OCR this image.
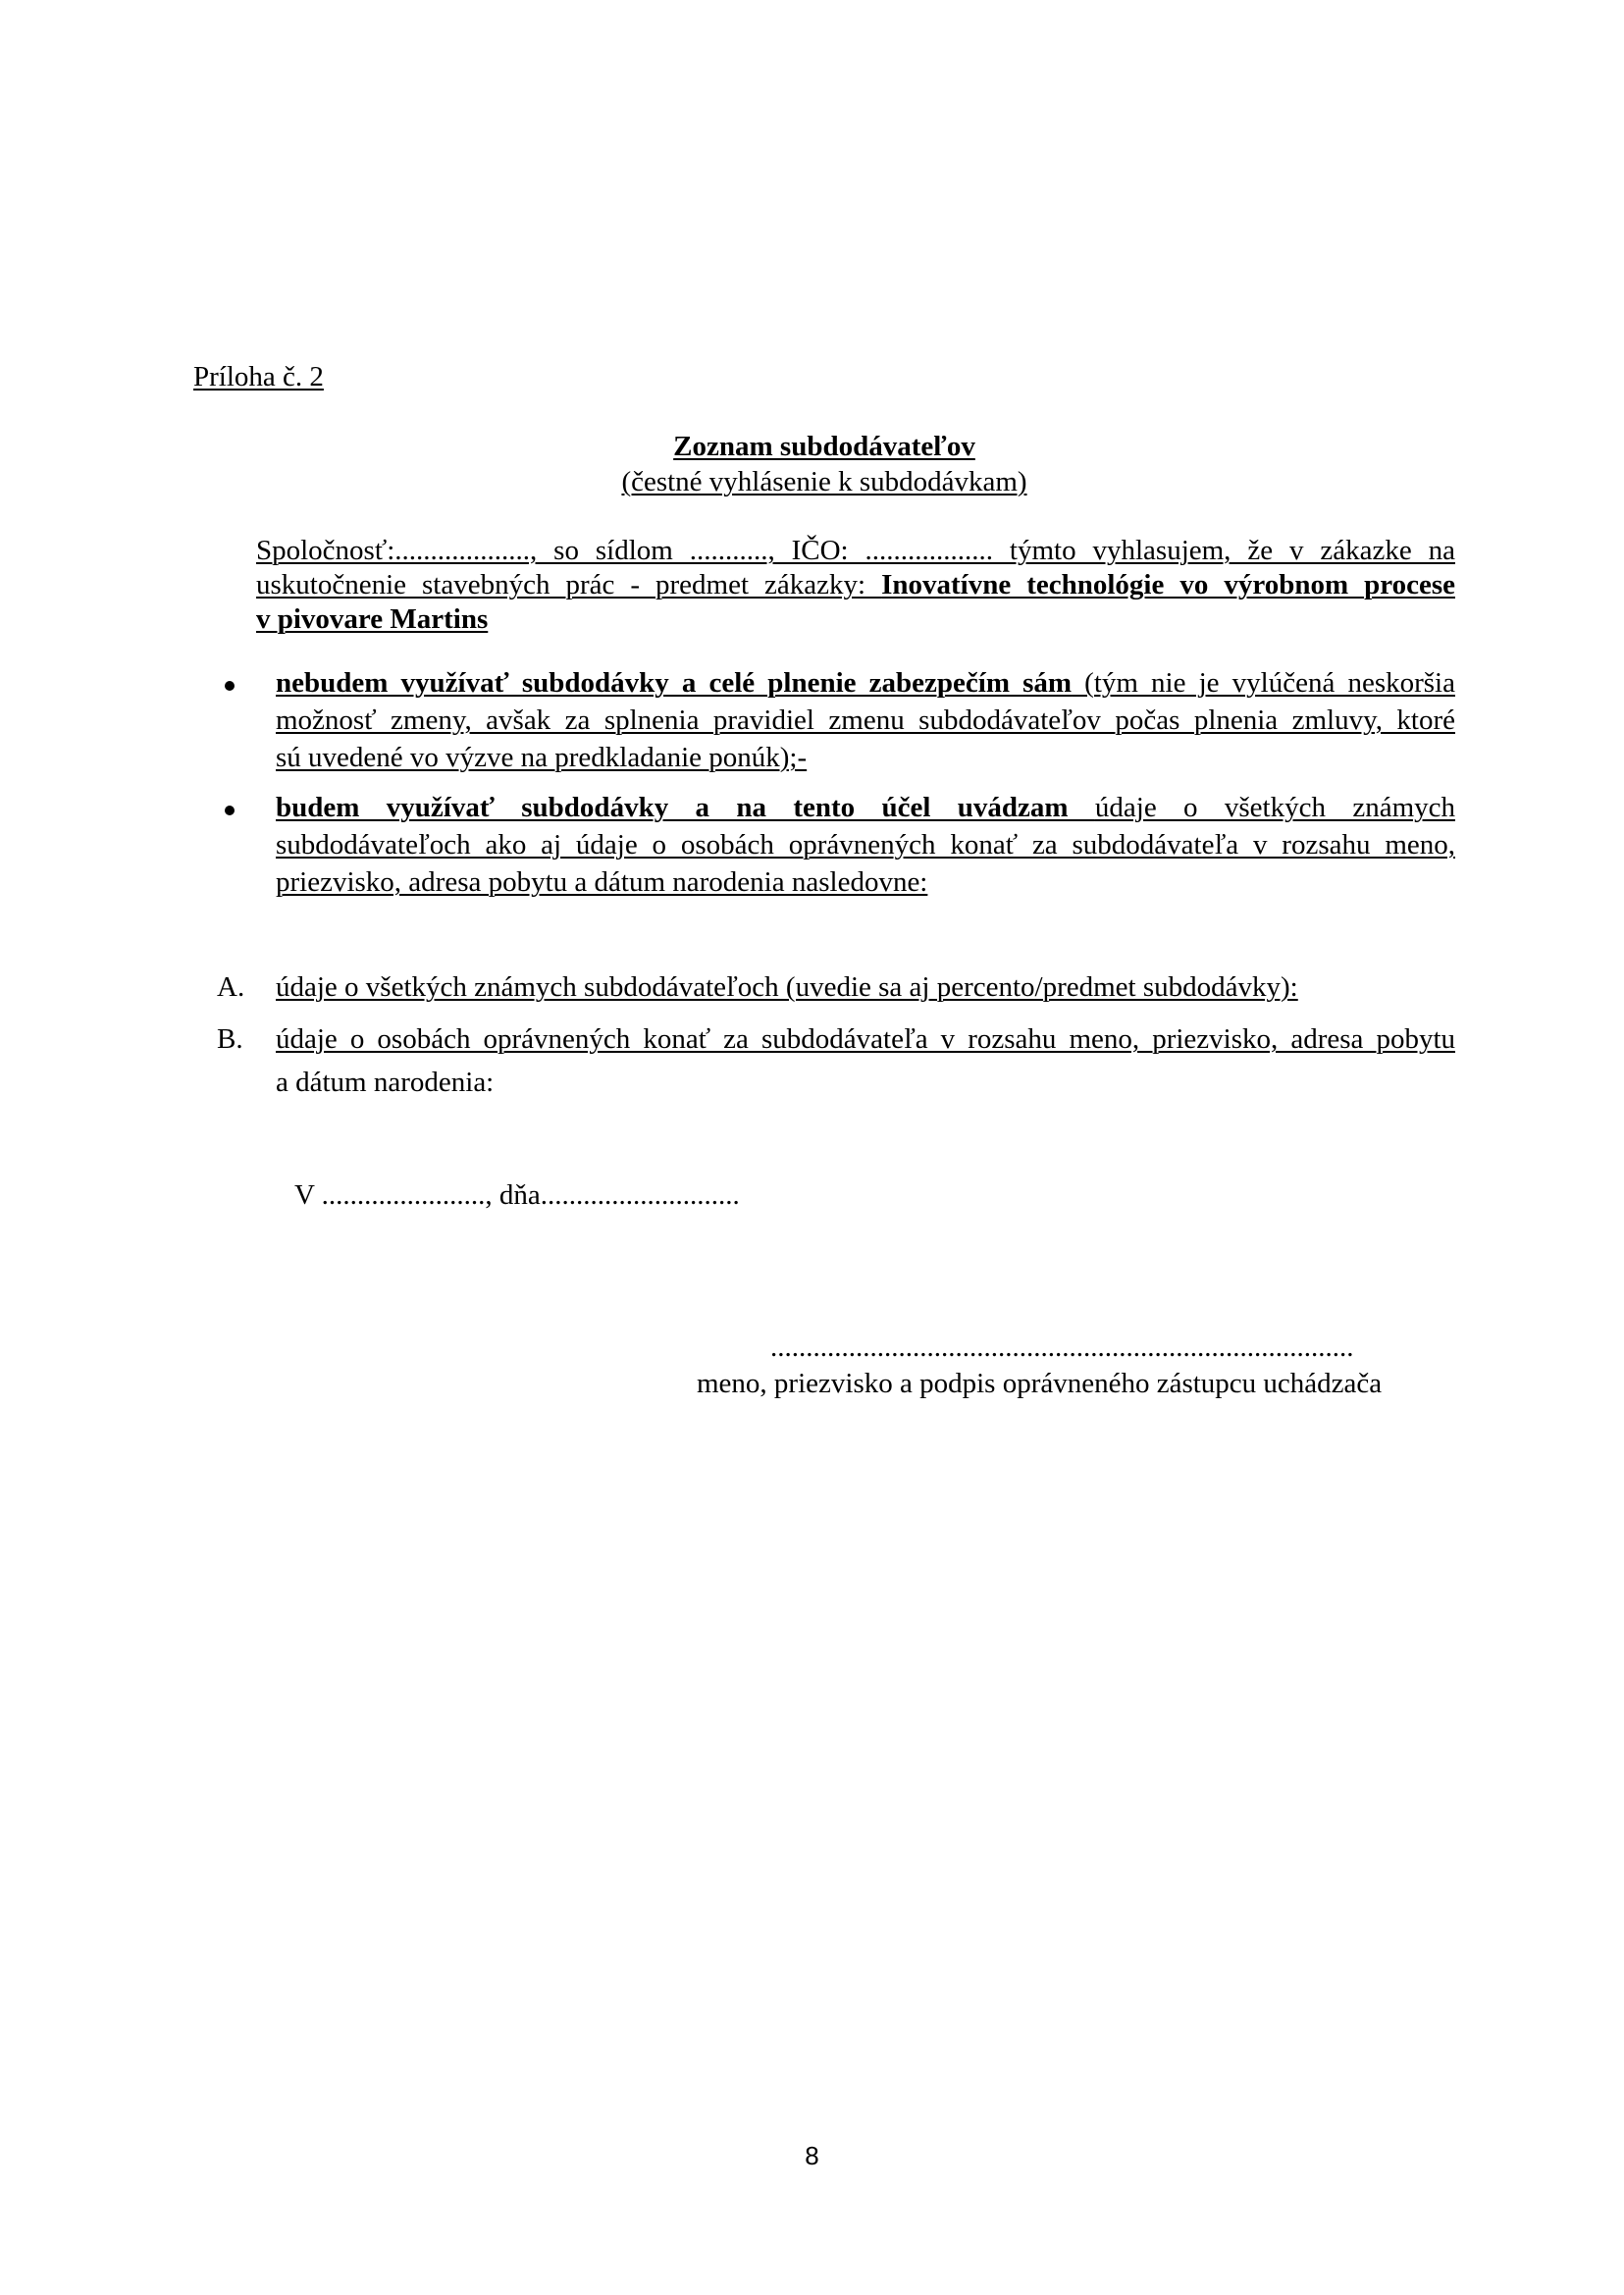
Príloha č. 2
Zoznam subdodávateľov
(čestné vyhlásenie k subdodávkam)
Spoločnosť:..................., so sídlom ..........., IČO: .................. týmto vyhlasujem, že v zákazke na
uskutočnenie stavebných prác - predmet zákazky: Inovatívne technológie vo výrobnom procese
v pivovare Martins
nebudem využívať subdodávky a celé plnenie zabezpečím sám (tým nie je vylúčená neskoršia
možnosť zmeny, avšak za splnenia pravidiel zmenu subdodávateľov počas plnenia zmluvy, ktoré
sú uvedené vo výzve na predkladanie ponúk);-
budem využívať subdodávky a na tento účel uvádzam údaje o všetkých známych
subdodávateľoch ako aj údaje o osobách oprávnených konať za subdodávateľa v rozsahu meno,
priezvisko, adresa pobytu a dátum narodenia nasledovne:
A. údaje o všetkých známych subdodávateľoch (uvedie sa aj percento/predmet subdodávky):
B. údaje o osobách oprávnených konať za subdodávateľa v rozsahu meno, priezvisko, adresa pobytu
a dátum narodenia:
V ......................., dňa............................
..................................................................................
meno, priezvisko a podpis oprávneného zástupcu uchádzača
8
